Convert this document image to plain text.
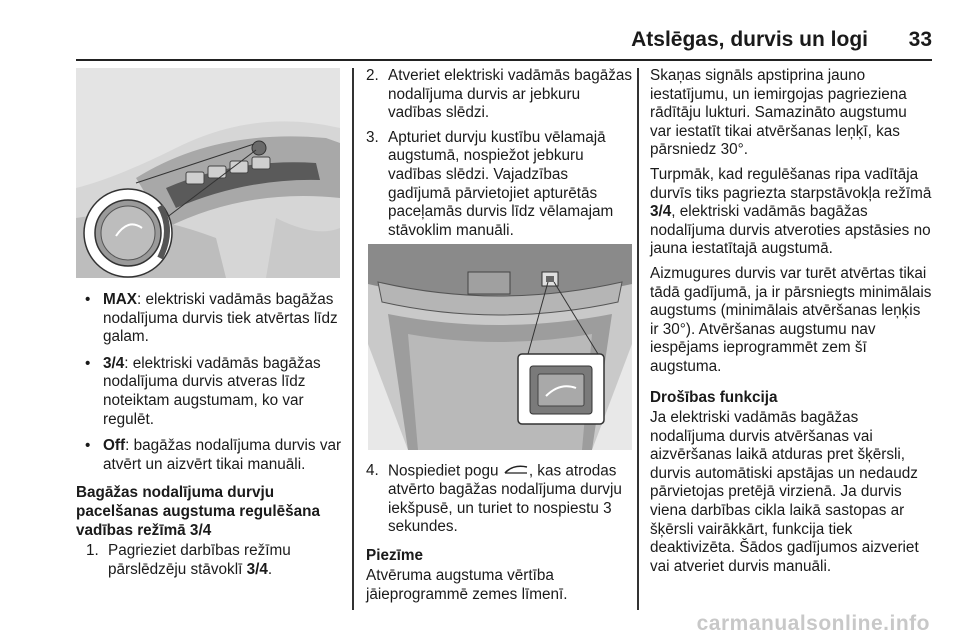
Atslēgas, durvis un logi 33
• MAX: elektriski vadāmās bagāžas nodalījuma durvis tiek atvērtas līdz galam.
• 3/4: elektriski vadāmās bagāžas nodalījuma durvis atveras līdz noteiktam augstumam, ko var regulēt.
• Off: bagāžas nodalījuma durvis var atvērt un aizvērt tikai manuāli.
Bagāžas nodalījuma durvju pacelšanas augstuma regulēšana vadības režīmā 3/4
1. Pagrieziet darbības režīmu pārslēdzēju stāvoklī 3/4.
2. Atveriet elektriski vadāmās bagāžas nodalījuma durvis ar jebkuru vadības slēdzi.
3. Apturiet durvju kustību vēlamajā augstumā, nospiežot jebkuru vadības slēdzi. Vajadzības gadījumā pārvietojiet apturētās paceļamās durvis līdz vēlamajam stāvoklim manuāli.
4. Nospiediet pogu , kas atrodas atvērto bagāžas nodalījuma durvju iekšpusē, un turiet to nospiestu 3 sekundes.
Piezīme

Atvēruma augstuma vērtība jāieprogrammē zemes līmenī.

Skaņas signāls apstiprina jauno iestatījumu, un iemirgojas pagrieziena rādītāju lukturi. Samazināto augstumu var iestatīt tikai atvēršanas leņķī, kas pārsniedz 30°.

Turpmāk, kad regulēšanas ripa vadītāja durvīs tiks pagriezta starpstāvokļa režīmā 3/4, elektriski vadāmās bagāžas nodalījuma durvis atveroties apstāsies no jauna iestatītajā augstumā.

Aizmugures durvis var turēt atvērtas tikai tādā gadījumā, ja ir pārsniegts minimālais augstums (minimālais atvēršanas leņķis ir 30°). Atvēršanas augstumu nav iespējams ieprogrammēt zem šī augstuma.

Drošības funkcija

Ja elektriski vadāmās bagāžas nodalījuma durvis atvēršanas vai aizvēršanas laikā atduras pret šķērsli, durvis automātiski apstājas un nedaudz pārvietojas pretējā virzienā. Ja durvis viena darbības cikla laikā sastopas ar šķērsli vairākkārt, funkcija tiek deaktivizēta. Šādos gadījumos aizveriet vai atveriet durvis manuāli.

carmanualsonline.info
